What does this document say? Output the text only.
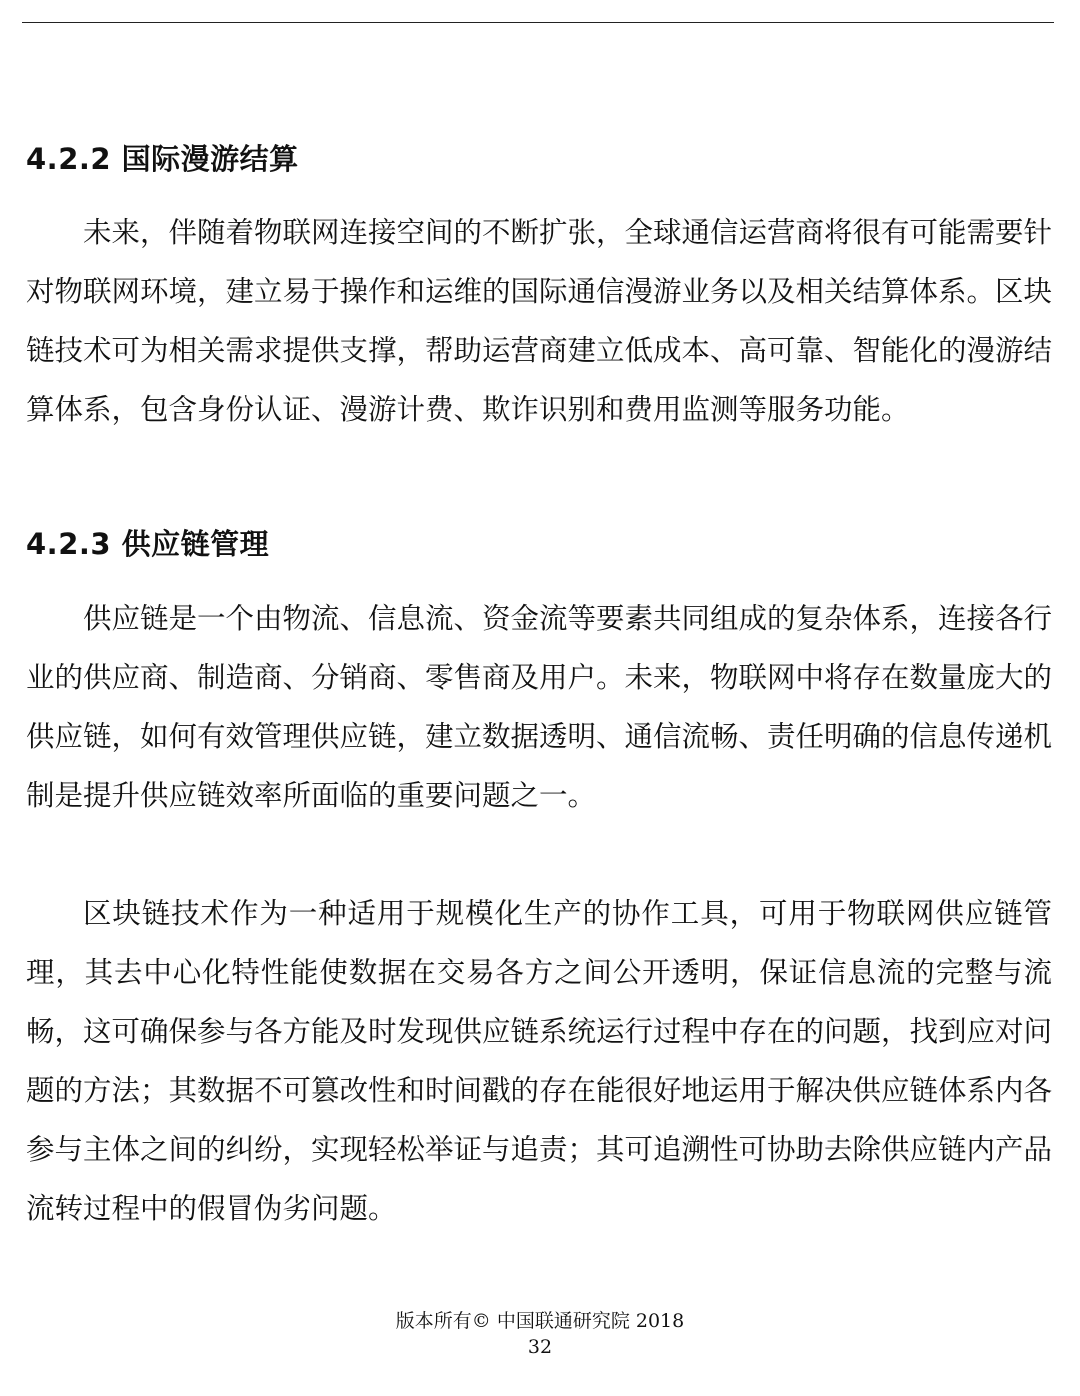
4.2.2 国际漫游结算

未来，伴随着物联网连接空间的不断扩张，全球通信运营商将很有可能需要针对物联网环境，建立易于操作和运维的国际通信漫游业务以及相关结算体系。区块链技术可为相关需求提供支撑，帮助运营商建立低成本、高可靠、智能化的漫游结算体系，包含身份认证、漫游计费、欺诈识别和费用监测等服务功能。

4.2.3 供应链管理

供应链是一个由物流、信息流、资金流等要素共同组成的复杂体系，连接各行业的供应商、制造商、分销商、零售商及用户。未来，物联网中将存在数量庞大的供应链，如何有效管理供应链，建立数据透明、通信流畅、责任明确的信息传递机制是提升供应链效率所面临的重要问题之一。

区块链技术作为一种适用于规模化生产的协作工具，可用于物联网供应链管理，其去中心化特性能使数据在交易各方之间公开透明，保证信息流的完整与流畅，这可确保参与各方能及时发现供应链系统运行过程中存在的问题，找到应对问题的方法；其数据不可篡改性和时间戳的存在能很好地运用于解决供应链体系内各参与主体之间的纠纷，实现轻松举证与追责；其可追溯性可协助去除供应链内产品流转过程中的假冒伪劣问题。

版本所有© 中国联通研究院 2018
32
